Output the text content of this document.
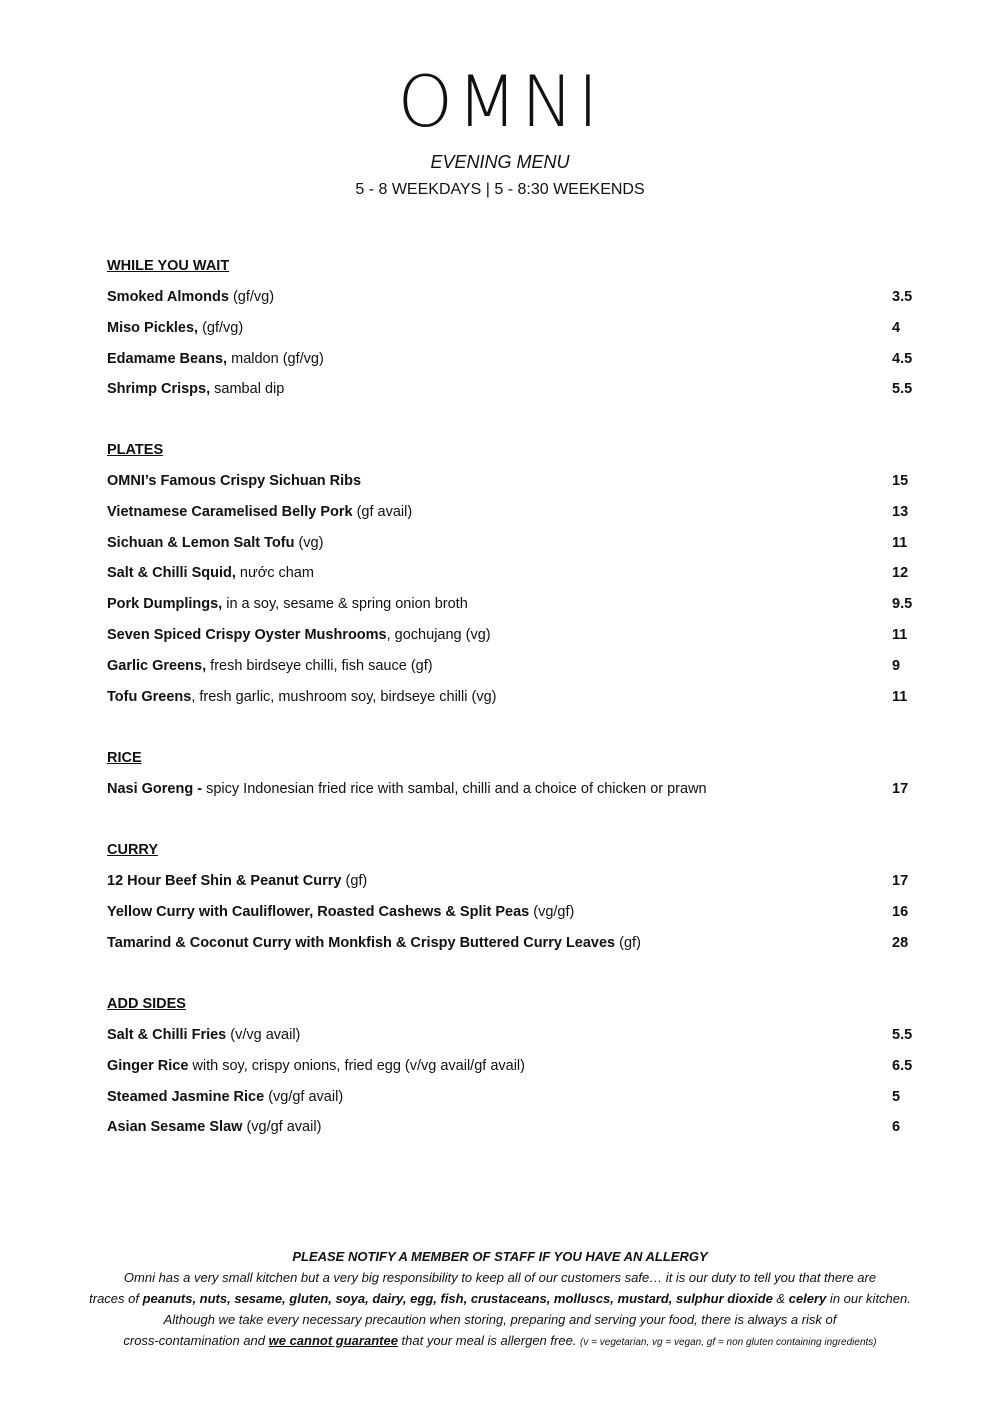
OMNI
EVENING MENU
5 - 8 WEEKDAYS | 5 - 8:30 WEEKENDS
WHILE YOU WAIT
Smoked Almonds (gf/vg)	3.5
Miso Pickles, (gf/vg)	4
Edamame Beans, maldon (gf/vg)	4.5
Shrimp Crisps, sambal dip	5.5
PLATES
OMNI’s Famous Crispy Sichuan Ribs	15
Vietnamese Caramelised Belly Pork (gf avail)	13
Sichuan & Lemon Salt Tofu (vg)	11
Salt & Chilli Squid, nước cham	12
Pork Dumplings, in a soy, sesame & spring onion broth	9.5
Seven Spiced Crispy Oyster Mushrooms, gochujang (vg)	11
Garlic Greens, fresh birdseye chilli, fish sauce (gf)	9
Tofu Greens, fresh garlic, mushroom soy, birdseye chilli (vg)	11
RICE
Nasi Goreng - spicy Indonesian fried rice with sambal, chilli and a choice of chicken or prawn	17
CURRY
12 Hour Beef Shin & Peanut Curry (gf)	17
Yellow Curry with Cauliflower, Roasted Cashews & Split Peas (vg/gf)	16
Tamarind & Coconut Curry with Monkfish & Crispy Buttered Curry Leaves (gf)	28
ADD SIDES
Salt & Chilli Fries (v/vg avail)	5.5
Ginger Rice with soy, crispy onions, fried egg (v/vg avail/gf avail)	6.5
Steamed Jasmine Rice (vg/gf avail)	5
Asian Sesame Slaw (vg/gf avail)	6
PLEASE NOTIFY A MEMBER OF STAFF IF YOU HAVE AN ALLERGY
Omni has a very small kitchen but a very big responsibility to keep all of our customers safe… it is our duty to tell you that there are
traces of peanuts, nuts, sesame, gluten, soya, dairy, egg, fish, crustaceans, molluscs, mustard, sulphur dioxide & celery in our kitchen.
Although we take every necessary precaution when storing, preparing and serving your food, there is always a risk of
cross-contamination and we cannot guarantee that your meal is allergen free. (v = vegetarian, vg = vegan, gf = non gluten containing ingredients)
